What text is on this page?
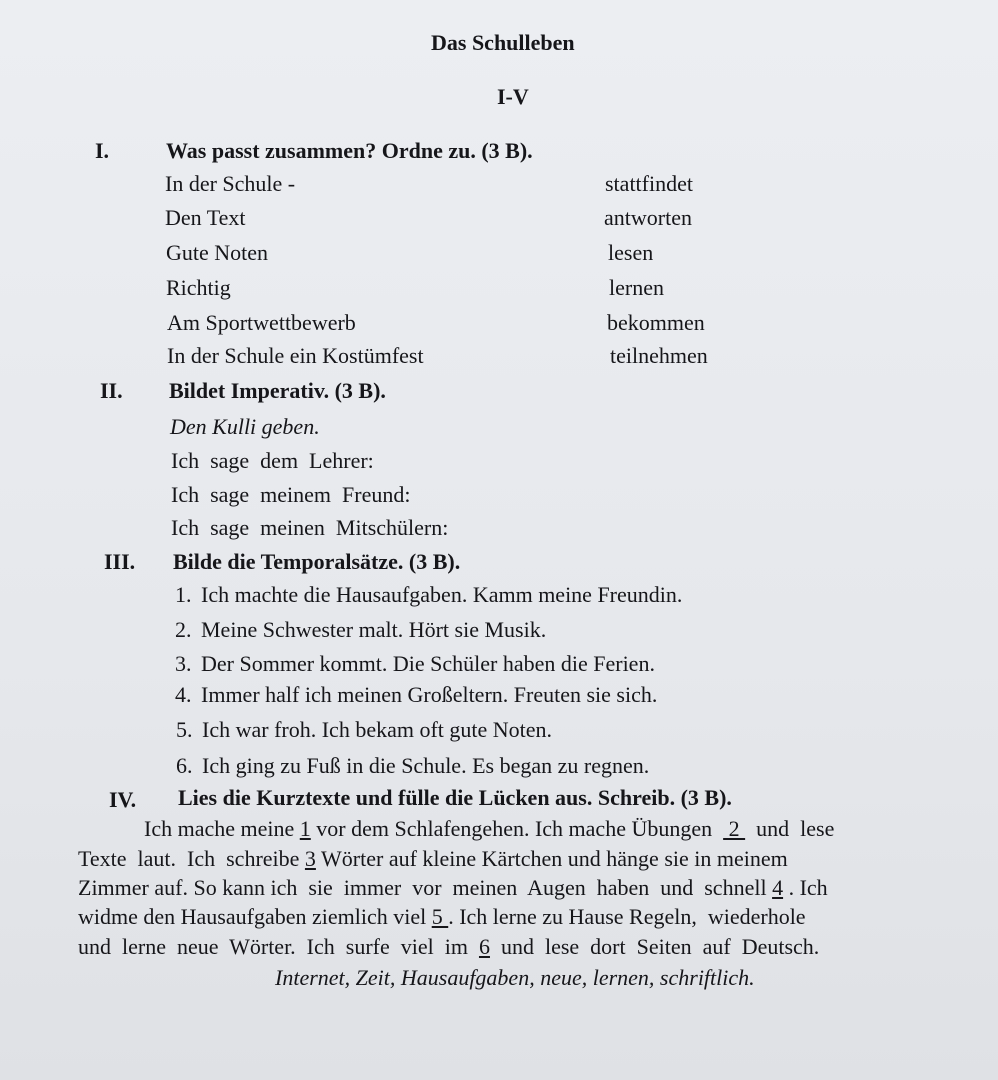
Das Schulleben
I-V
I.	Was passt zusammen? Ordne zu. (3 B).
In der Schule -
Den Text
Gute Noten
Richtig
Am Sportwettbewerb
In der Schule ein Kostümfest
stattfindet
antworten
lesen
lernen
bekommen
teilnehmen
II. Bildet Imperativ. (3 B).
Den Kulli geben.
Ich  sage  dem  Lehrer:
Ich  sage  meinem  Freund:
Ich  sage  meinen  Mitschülern:
III. Bilde die Temporalsätze. (3 B).
1. Ich machte die Hausaufgaben. Kamm meine Freundin.
2. Meine Schwester malt. Hört sie Musik.
3. Der Sommer kommt. Die Schüler haben die Ferien.
4. Immer half ich meinen Großeltern. Freuten sie sich.
5. Ich war froh. Ich bekam oft gute Noten.
6. Ich ging zu Fuß in die Schule. Es began zu regnen.
IV. Lies die Kurztexte und fülle die Lücken aus. Schreib. (3 B).
Ich mache meine 1 vor dem Schlafengehen. Ich mache Übungen   2   und  lese
Texte  laut.  Ich  schreibe 3 Wörter auf kleine Kärtchen und hänge sie in meinem
Zimmer auf. So kann ich  sie  immer  vor  meinen  Augen  haben  und  schnell 4 . Ich
widme den Hausaufgaben ziemlich viel 5 . Ich lerne zu Hause Regeln,  wiederhole
und  lerne  neue  Wörter.  Ich  surfe  viel  im  6  und  lese  dort  Seiten  auf  Deutsch.
Internet, Zeit, Hausaufgaben, neue, lernen, schriftlich.
